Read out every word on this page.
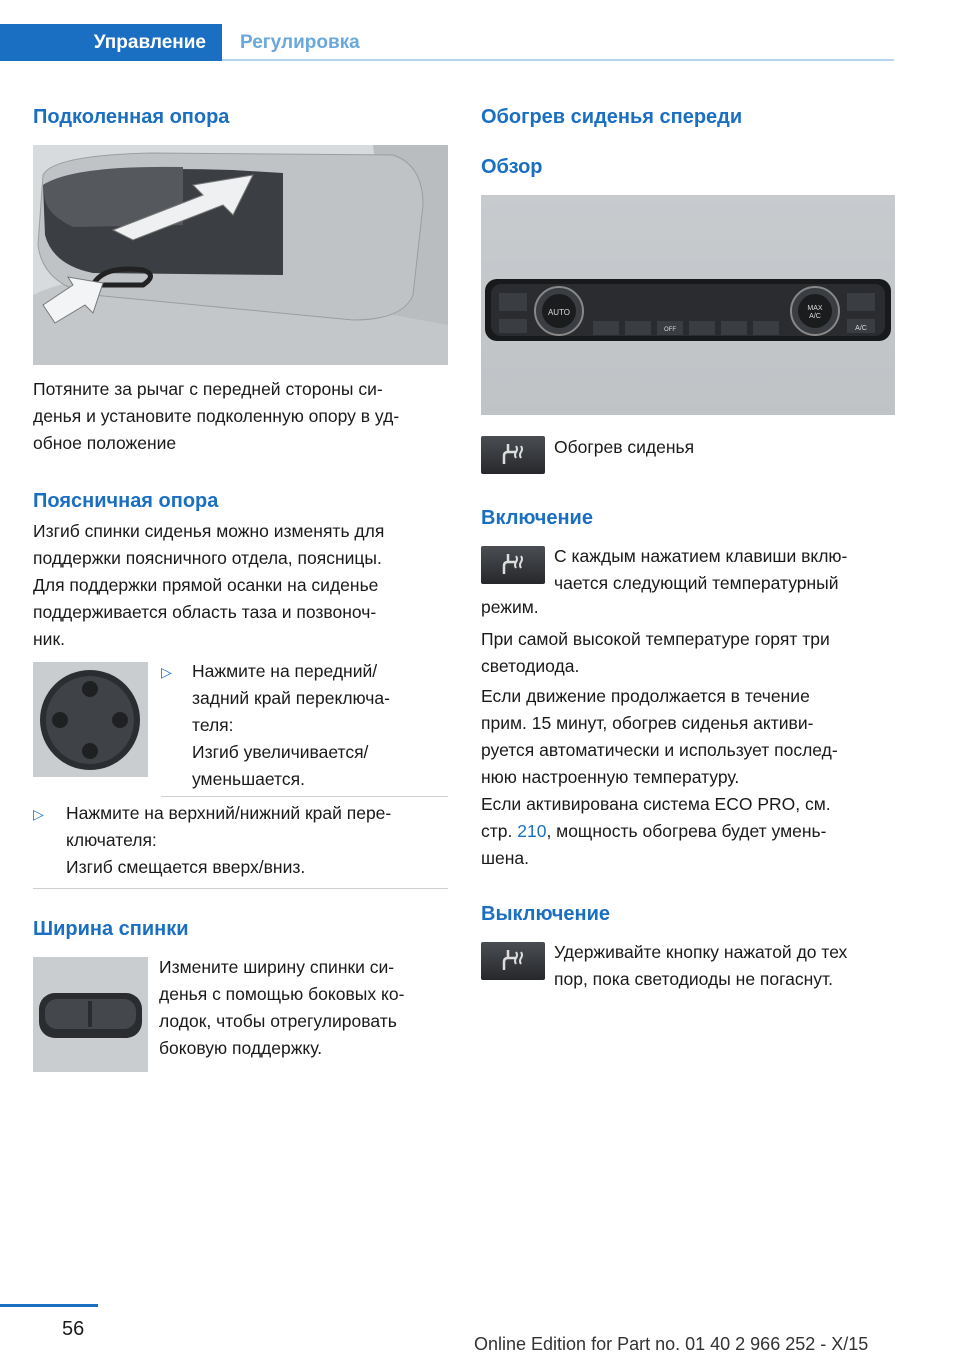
Управление	Регулировка
Подколенная опора

Потяните за рычаг с передней стороны си-
денья и установите подколенную опору в уд-
обное положение

Поясничная опора

Изгиб спинки сиденья можно изменять для
поддержки поясничного отдела, поясницы.
Для поддержки прямой осанки на сиденье
поддерживается область таза и позвоноч-
ник.

▷ Нажмите на передний/
задний край переключа-
теля:

Изгиб увеличивается/
уменьшается.

▷ Нажмите на верхний/нижний край пере-
ключателя:

Изгиб смещается вверх/вниз.

Ширина спинки

Измените ширину спинки си-
денья с помощью боковых ко-
лодок, чтобы отрегулировать
боковую поддержку.

Обогрев сиденья спереди
Обзор
AUTO	MAX
A/C
A/C
OFF

Обогрев сиденья

Включение

С каждым нажатием клавиши вклю-
чается следующий температурный

режим.

При самой высокой температуре горят три
светодиода.

Если движение продолжается в течение
прим. 15 минут, обогрев сиденья активи-
руется автоматически и использует послед-
нюю настроенную температуру.

Если активирована система ECO PRO, см.
стр. 210, мощность обогрева будет умень-
шена.

Выключение

Удерживайте кнопку нажатой до тех
пор, пока светодиоды не погаснут.

56
Online Edition for Part no. 01 40 2 966 252 - X/15
